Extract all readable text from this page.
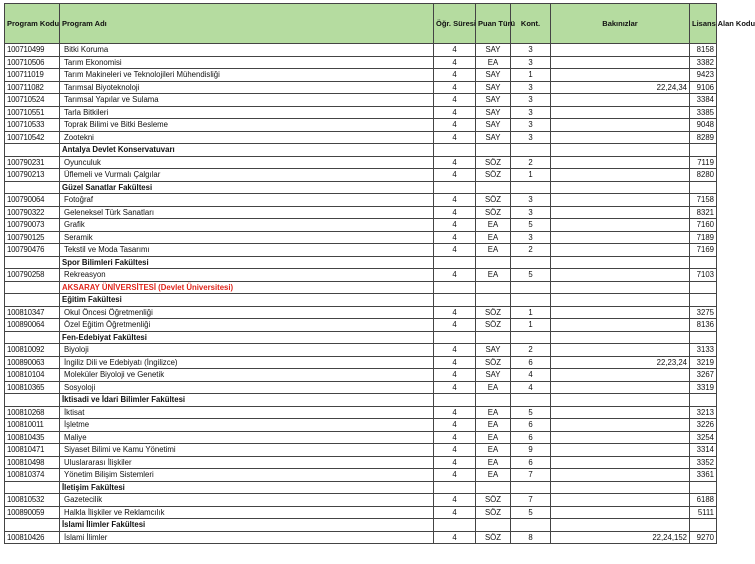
Program Kodu	Program Adı	Öğr. Süresi	Puan Türü	Kont.	Bakınızlar	Lisans Alan Kodu
100710499	Bitki Koruma	4	SAY	3		8158
100710506	Tarım Ekonomisi	4	EA	3		3382
100711019	Tarım Makineleri ve Teknolojileri Mühendisliği	4	SAY	1		9423
100711082	Tarımsal Biyoteknoloji	4	SAY	3	22,24,34	9106
100710524	Tarımsal Yapılar ve Sulama	4	SAY	3		3384
100710551	Tarla Bitkileri	4	SAY	3		3385
100710533	Toprak Bilimi ve Bitki Besleme	4	SAY	3		9048
100710542	Zootekni	4	SAY	3		8289
	Antalya Devlet Konservatuvarı					
100790231	Oyunculuk	4	SÖZ	2		7119
100790213	Üflemeli ve Vurmalı Çalgılar	4	SÖZ	1		8280
	Güzel Sanatlar Fakültesi					
100790064	Fotoğraf	4	SÖZ	3		7158
100790322	Geleneksel Türk Sanatları	4	SÖZ	3		8321
100790073	Grafik	4	EA	5		7160
100790125	Seramik	4	EA	3		7189
100790476	Tekstil ve Moda Tasarımı	4	EA	2		7169
	Spor Bilimleri Fakültesi					
100790258	Rekreasyon	4	EA	5		7103
	AKSARAY ÜNİVERSİTESİ (Devlet Üniversitesi)					
	Eğitim Fakültesi					
100810347	Okul Öncesi Öğretmenliği	4	SÖZ	1		3275
100890064	Özel Eğitim Öğretmenliği	4	SÖZ	1		8136
	Fen-Edebiyat Fakültesi					
100810092	Biyoloji	4	SAY	2		3133
100890063	İngiliz Dili ve Edebiyatı (İngilizce)	4	SÖZ	6	22,23,24	3219
100810104	Moleküler Biyoloji ve Genetik	4	SAY	4		3267
100810365	Sosyoloji	4	EA	4		3319
	İktisadi ve İdari Bilimler Fakültesi					
100810268	İktisat	4	EA	5		3213
100810011	İşletme	4	EA	6		3226
100810435	Maliye	4	EA	6		3254
100810471	Siyaset Bilimi ve Kamu Yönetimi	4	EA	9		3314
100810498	Uluslararası İlişkiler	4	EA	6		3352
100810374	Yönetim Bilişim Sistemleri	4	EA	7		3361
	İletişim Fakültesi					
100810532	Gazetecilik	4	SÖZ	7		6188
100890059	Halkla İlişkiler ve Reklamcılık	4	SÖZ	5		5111
	İslami İlimler Fakültesi					
100810426	İslami İlimler	4	SÖZ	8	22,24,152	9270
